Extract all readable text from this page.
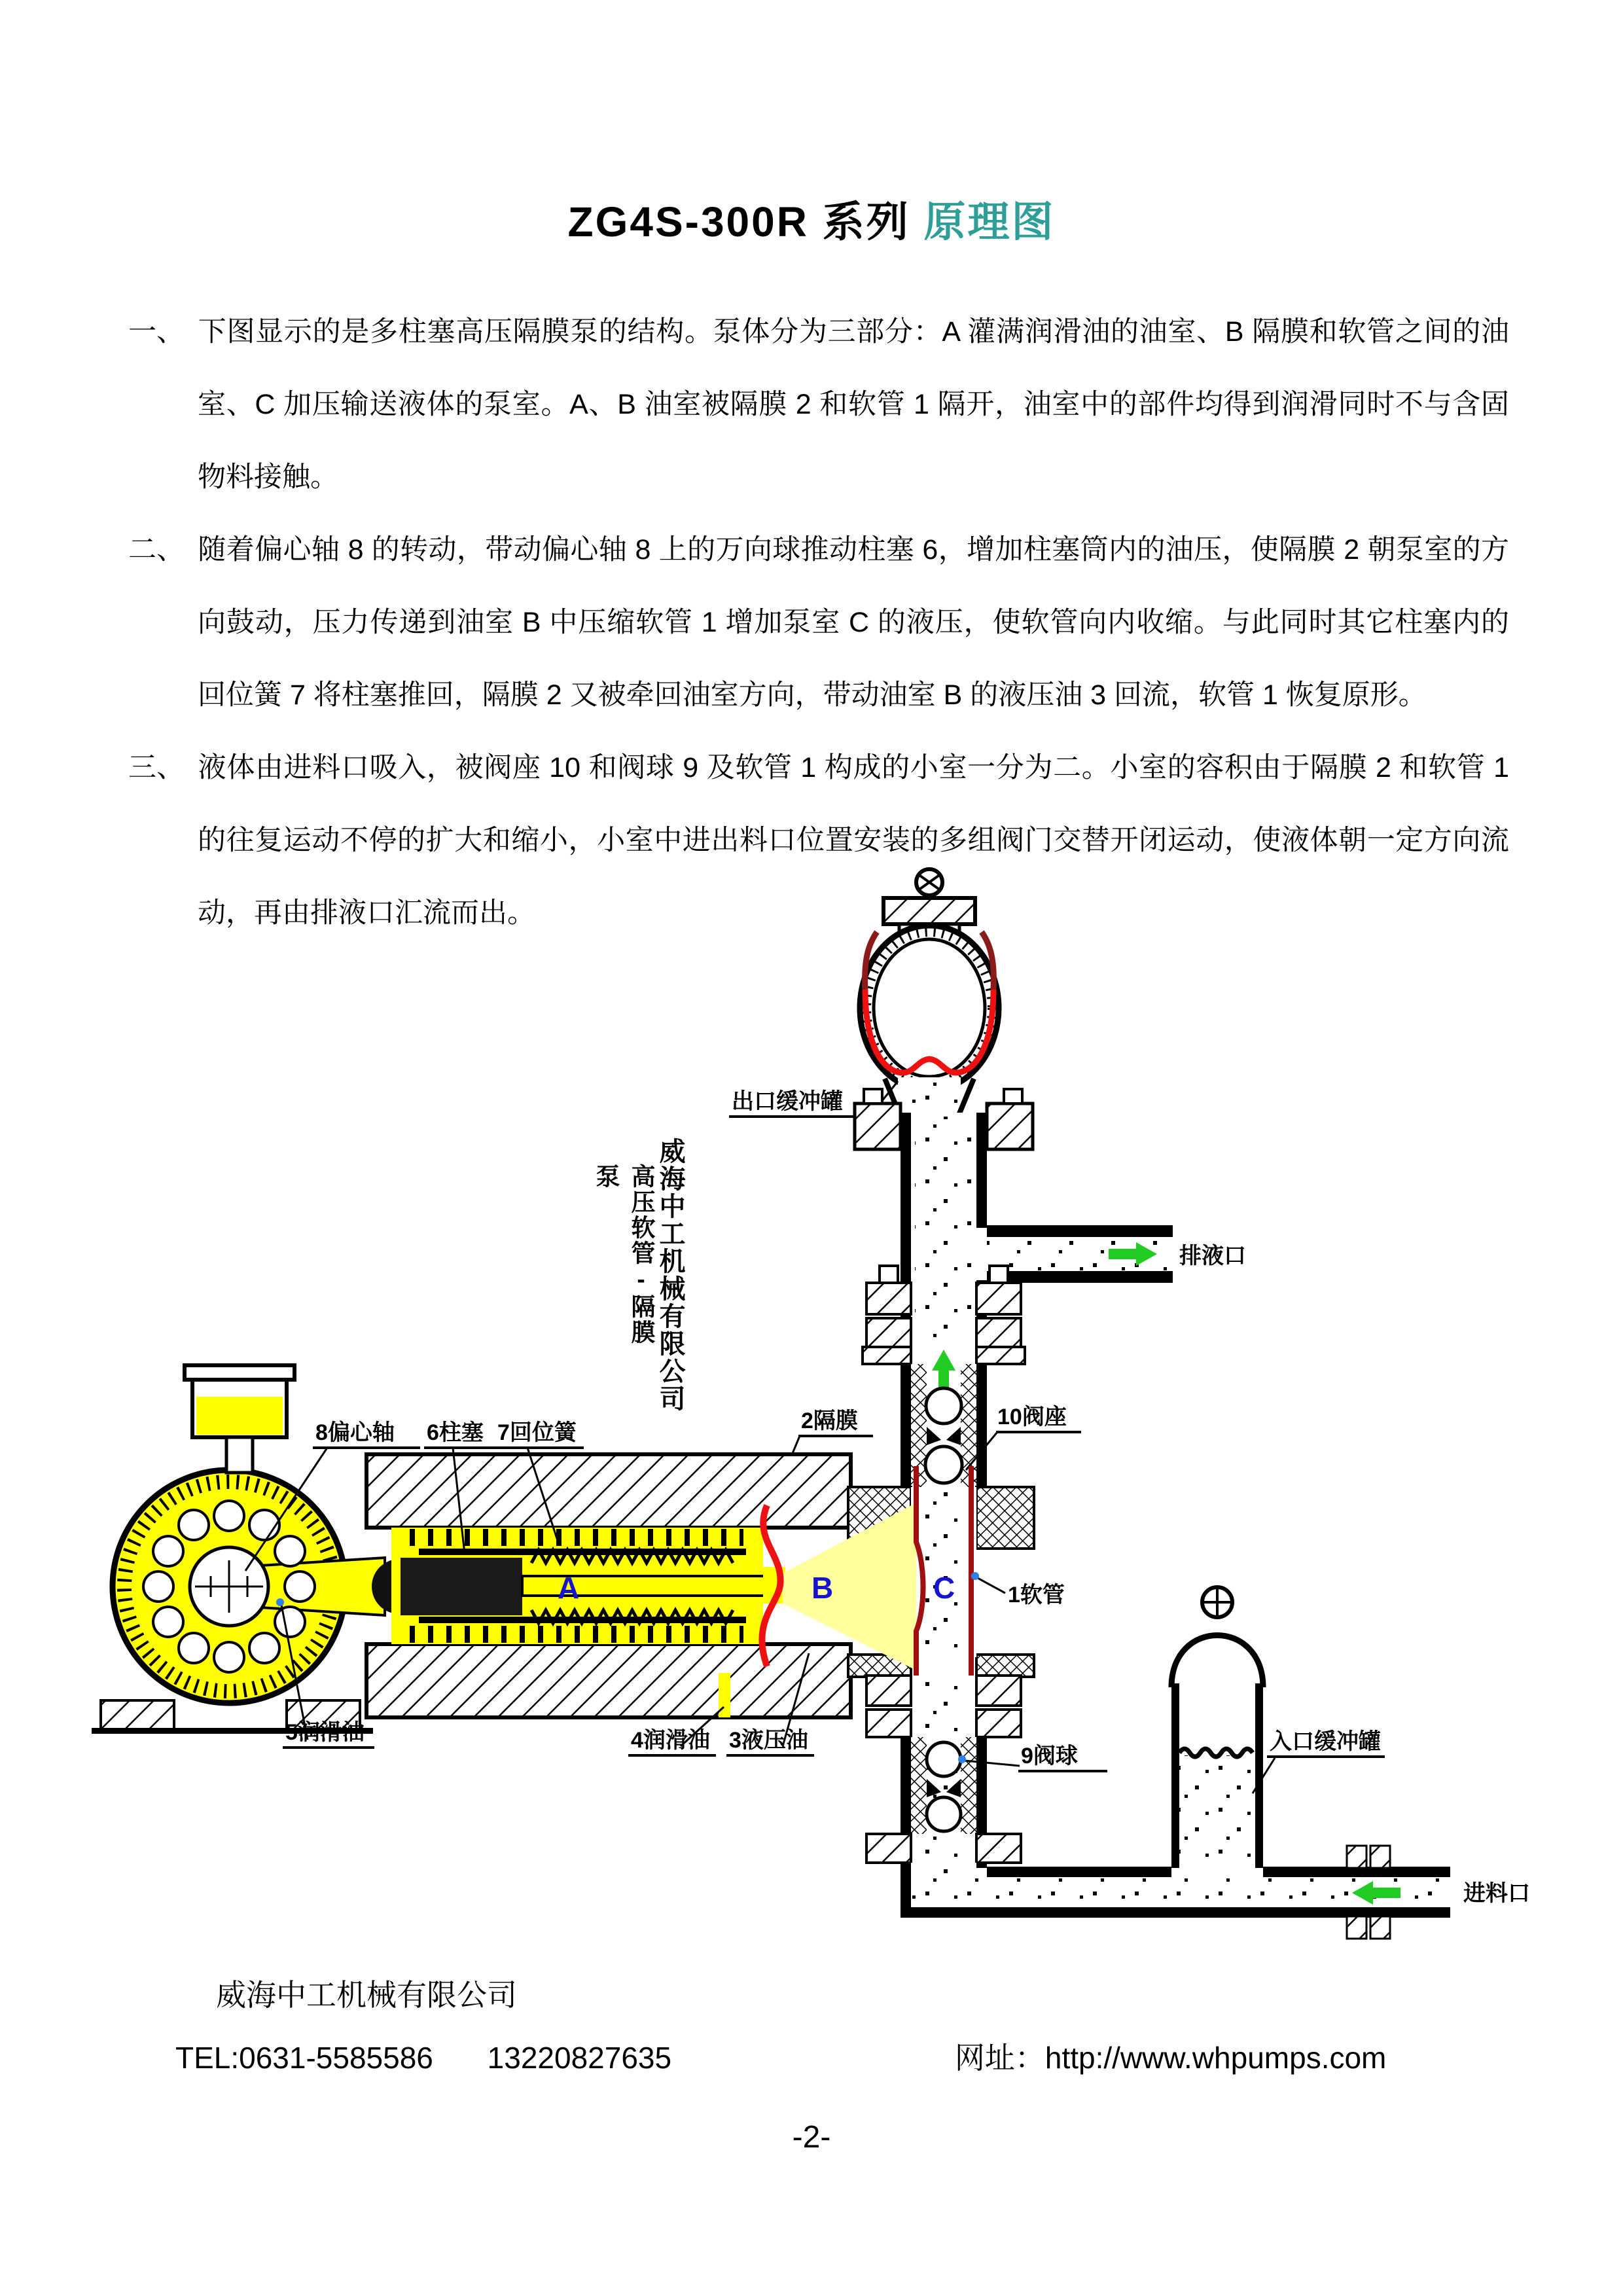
ZG4S-300R 系列 原理图
一、 下图显示的是多柱塞高压隔膜泵的结构。泵体分为三部分：A 灌满润滑油的油室、B 隔膜和软管之间的油室、C 加压输送液体的泵室。A、B 油室被隔膜 2 和软管 1 隔开，油室中的部件均得到润滑同时不与含固物料接触。
二、 随着偏心轴 8 的转动，带动偏心轴 8 上的万向球推动柱塞 6，增加柱塞筒内的油压，使隔膜 2 朝泵室的方向鼓动，压力传递到油室 B 中压缩软管 1 增加泵室 C 的液压，使软管向内收缩。与此同时其它柱塞内的回位簧 7 将柱塞推回，隔膜 2 又被牵回油室方向，带动油室 B 的液压油 3 回流，软管 1 恢复原形。
三、 液体由进料口吸入，被阀座 10 和阀球 9 及软管 1 构成的小室一分为二。小室的容积由于隔膜 2 和软管 1 的往复运动不停的扩大和缩小，小室中进出料口位置安装的多组阀门交替开闭运动，使液体朝一定方向流动，再由排液口汇流而出。
出口缓冲罐
排液口
2隔膜	10阀座
A	B	C
8偏心轴 6柱塞 7回位簧
5润滑油	4润滑油 3液压油
1软管
9阀球
进料口
入口缓冲罐
威海中工机械有限公司
高压软管-隔膜泵
威海中工机械有限公司
TEL:0631-5585586 13220827635	网址：http://www.whpumps.com
-2-
